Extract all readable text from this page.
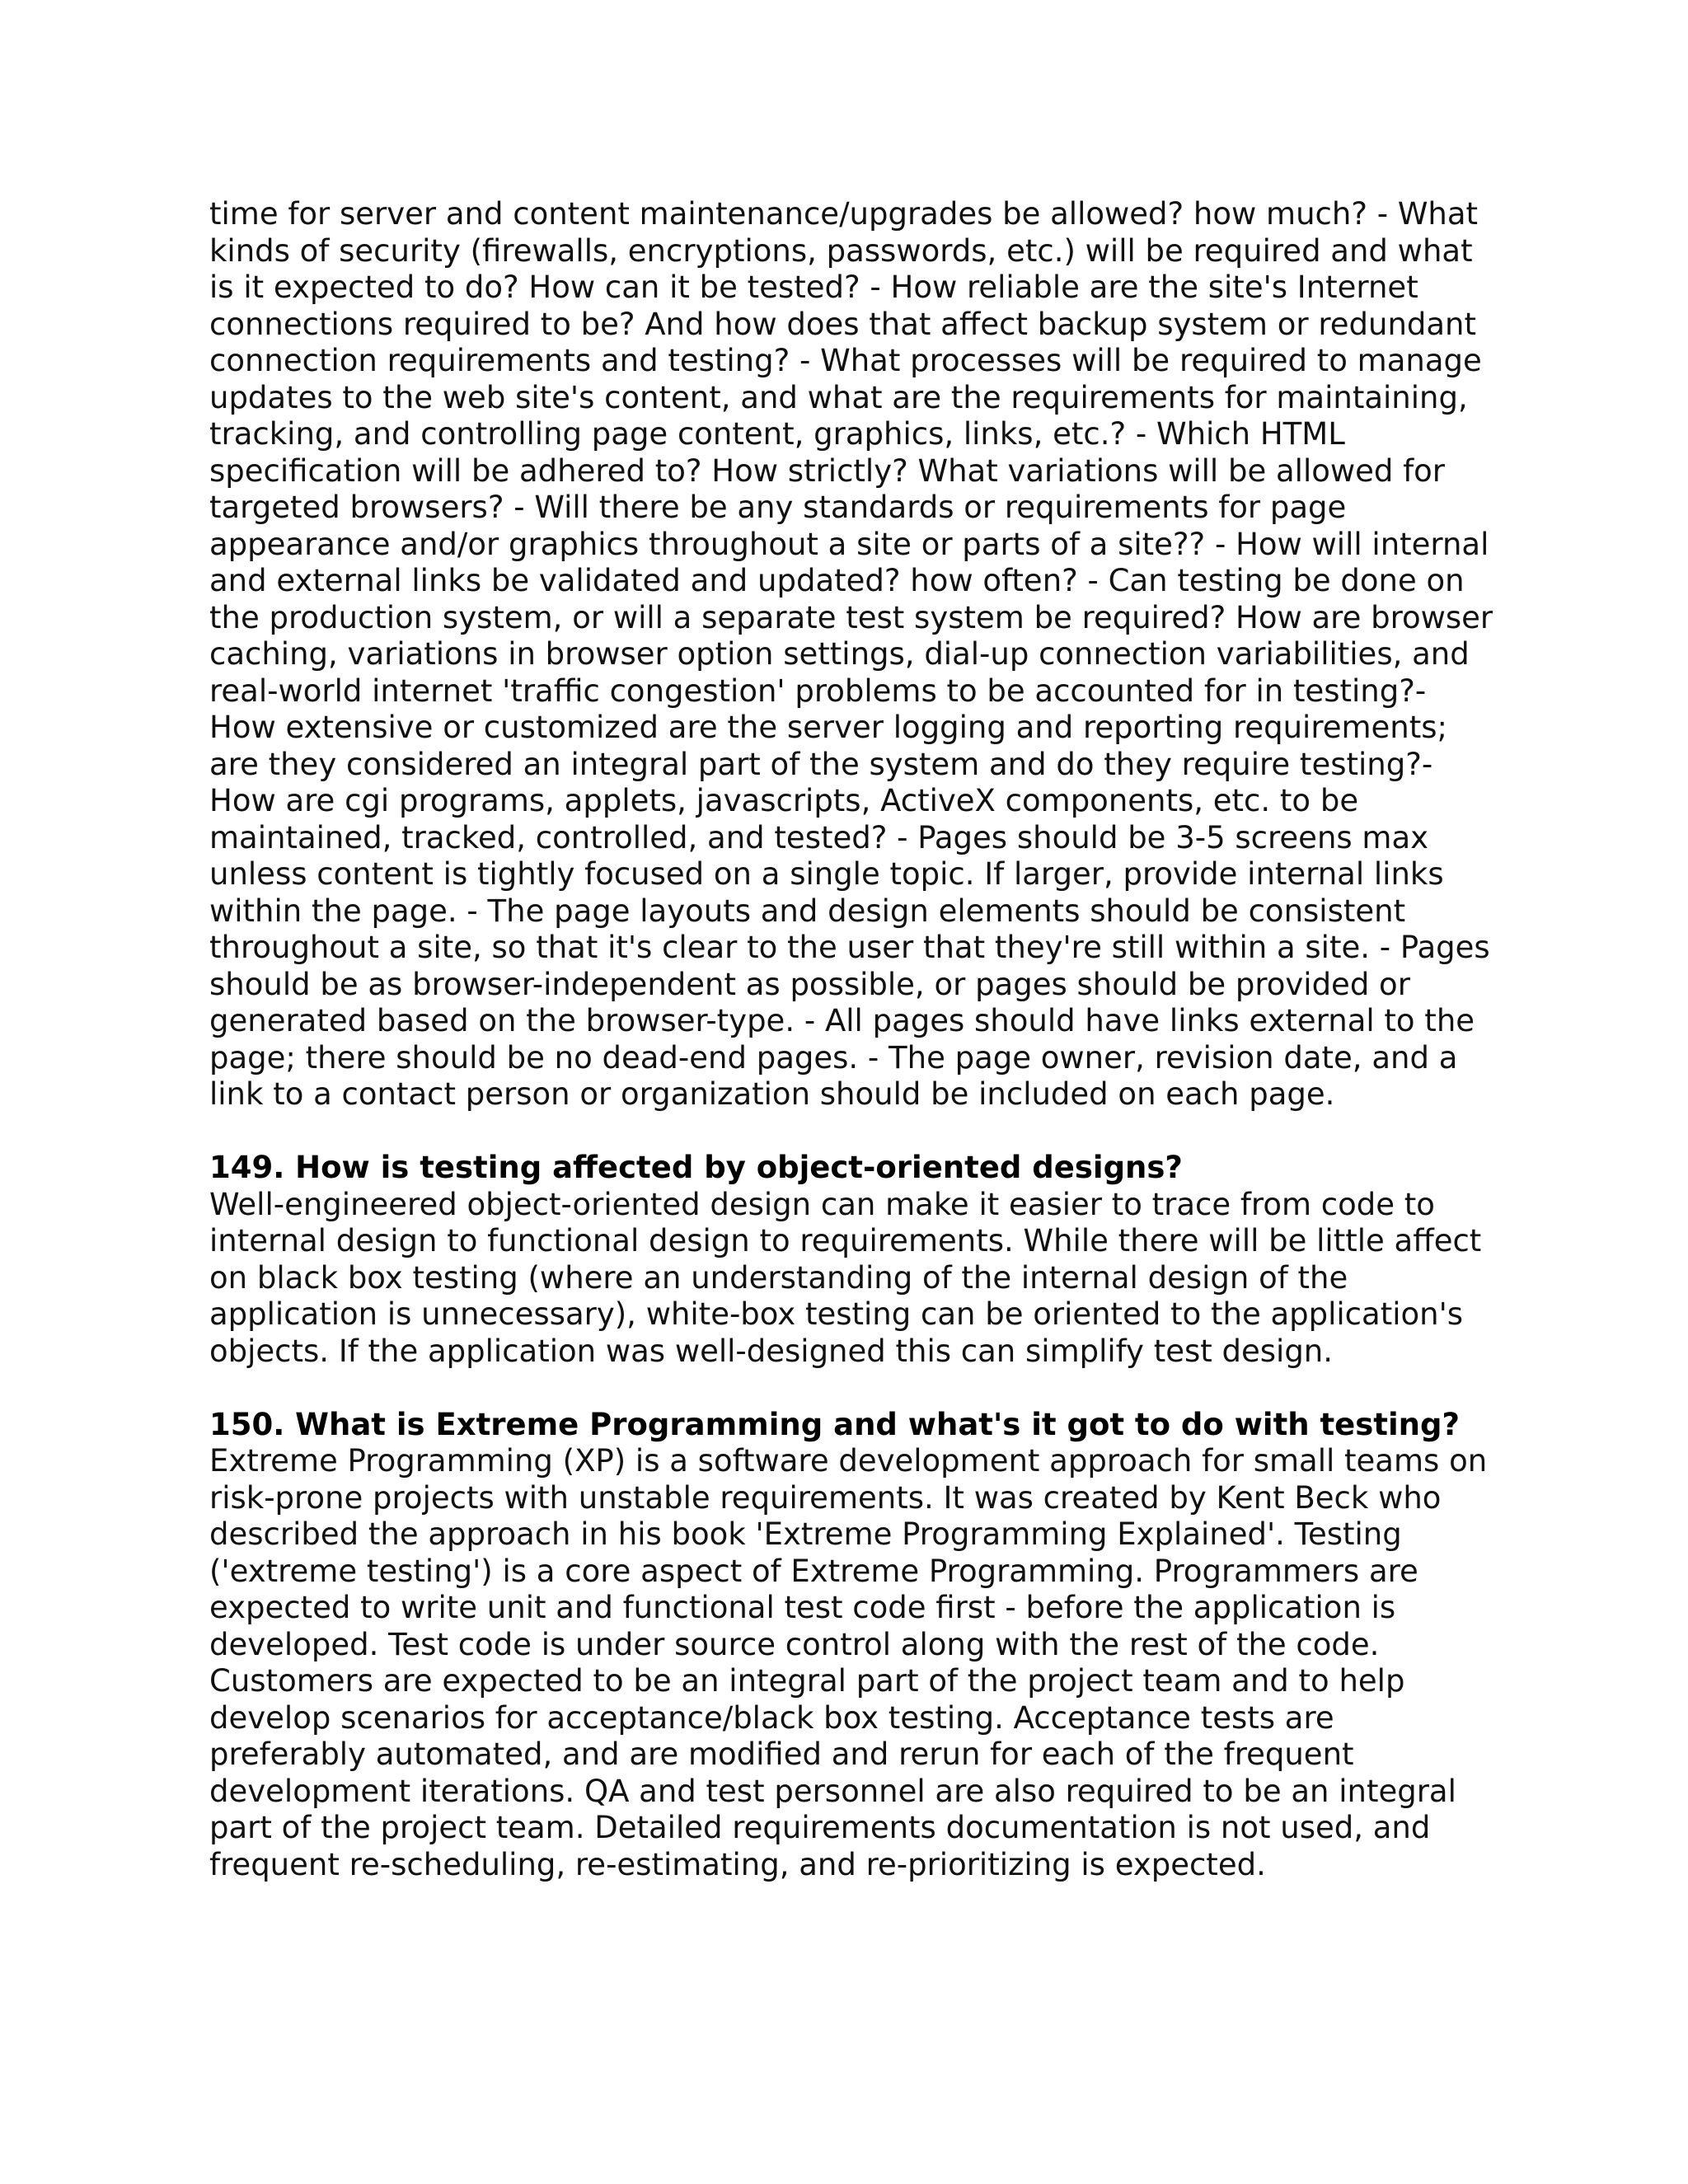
time for server and content maintenance/upgrades be allowed? how much? - What kinds of security (firewalls, encryptions, passwords, etc.) will be required and what is it expected to do? How can it be tested? - How reliable are the site's Internet connections required to be? And how does that affect backup system or redundant connection requirements and testing? - What processes will be required to manage updates to the web site's content, and what are the requirements for maintaining, tracking, and controlling page content, graphics, links, etc.? - Which HTML specification will be adhered to? How strictly? What variations will be allowed for targeted browsers? - Will there be any standards or requirements for page appearance and/or graphics throughout a site or parts of a site?? - How will internal and external links be validated and updated? how often? - Can testing be done on the production system, or will a separate test system be required? How are browser caching, variations in browser option settings, dial-up connection variabilities, and real-world internet 'traffic congestion' problems to be accounted for in testing?- How extensive or customized are the server logging and reporting requirements; are they considered an integral part of the system and do they require testing?- How are cgi programs, applets, javascripts, ActiveX components, etc. to be maintained, tracked, controlled, and tested? - Pages should be 3-5 screens max unless content is tightly focused on a single topic. If larger, provide internal links within the page. - The page layouts and design elements should be consistent throughout a site, so that it's clear to the user that they're still within a site. - Pages should be as browser-independent as possible, or pages should be provided or generated based on the browser-type. - All pages should have links external to the page; there should be no dead-end pages. - The page owner, revision date, and a link to a contact person or organization should be included on each page.

149. How is testing affected by object-oriented designs?

Well-engineered object-oriented design can make it easier to trace from code to internal design to functional design to requirements. While there will be little affect on black box testing (where an understanding of the internal design of the application is unnecessary), white-box testing can be oriented to the application's objects. If the application was well-designed this can simplify test design.

150. What is Extreme Programming and what's it got to do with testing?

Extreme Programming (XP) is a software development approach for small teams on risk-prone projects with unstable requirements. It was created by Kent Beck who described the approach in his book 'Extreme Programming Explained'. Testing ('extreme testing') is a core aspect of Extreme Programming. Programmers are expected to write unit and functional test code first - before the application is developed. Test code is under source control along with the rest of the code. Customers are expected to be an integral part of the project team and to help develop scenarios for acceptance/black box testing. Acceptance tests are preferably automated, and are modified and rerun for each of the frequent development iterations. QA and test personnel are also required to be an integral part of the project team. Detailed requirements documentation is not used, and frequent re-scheduling, re-estimating, and re-prioritizing is expected.
